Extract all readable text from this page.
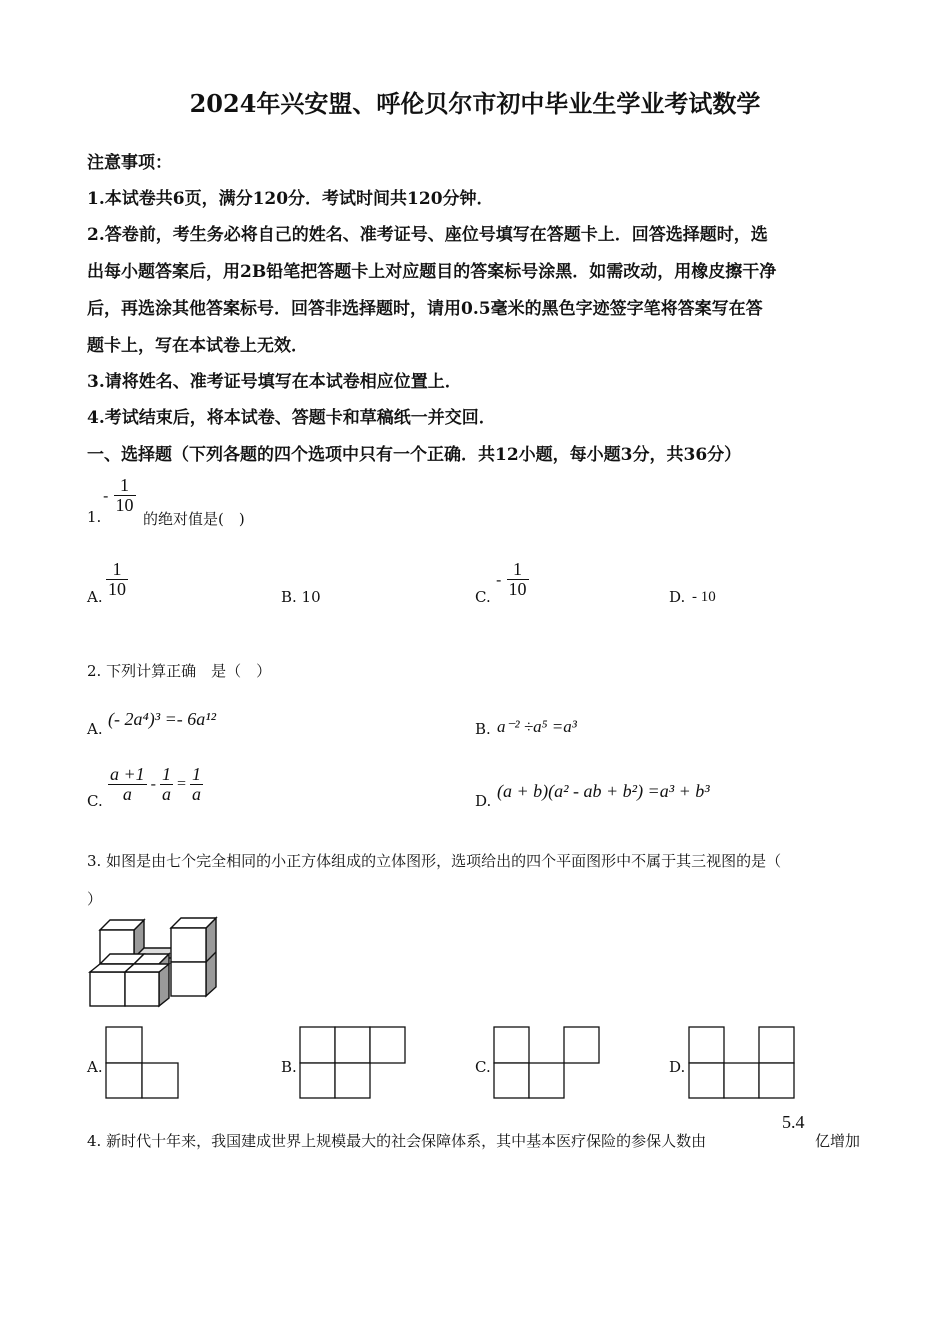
2024年兴安盟、呼伦贝尔市初中毕业生学业考试数学
注意事项：
1.本试卷共6页，满分120分．考试时间共120分钟．
2.答卷前，考生务必将自己的姓名、准考证号、座位号填写在答题卡上．回答选择题时，选
出每小题答案后，用2B铅笔把答题卡上对应题目的答案标号涂黑．如需改动，用橡皮擦干净
后，再选涂其他答案标号．回答非选择题时，请用0.5毫米的黑色字迹签字笔将答案写在答
题卡上，写在本试卷上无效．
3.请将姓名、准考证号填写在本试卷相应位置上．
4.考试结束后，将本试卷、答题卡和草稿纸一并交回．
一、选择题（下列各题的四个选项中只有一个正确．共12小题，每小题3分，共36分）
1.
- $\frac{1}{10}$
的绝对值是(　)
A. $\frac{1}{10}$	B. 10	C.
- $\frac{1}{10}$	D. - 10
2. 下列计算正确　是（　）
A. (- 2a⁴)³ =- 6a¹²	B. a⁻² ÷a⁵ =a³
C. $\frac{a +1}{a} - \frac{1}{a} = \frac{1}{a}$	D. (a + b)(a² - ab + b²) =a³ + b³
3. 如图是由七个完全相同的小正方体组成的立体图形，选项给出的四个平面图形中不属于其三视图的是（
）
A.	B.	C.	D.
4. 新时代十年来，我国建成世界上规模最大的社会保障体系，其中基本医疗保险的参保人数由
5.4
亿增加
